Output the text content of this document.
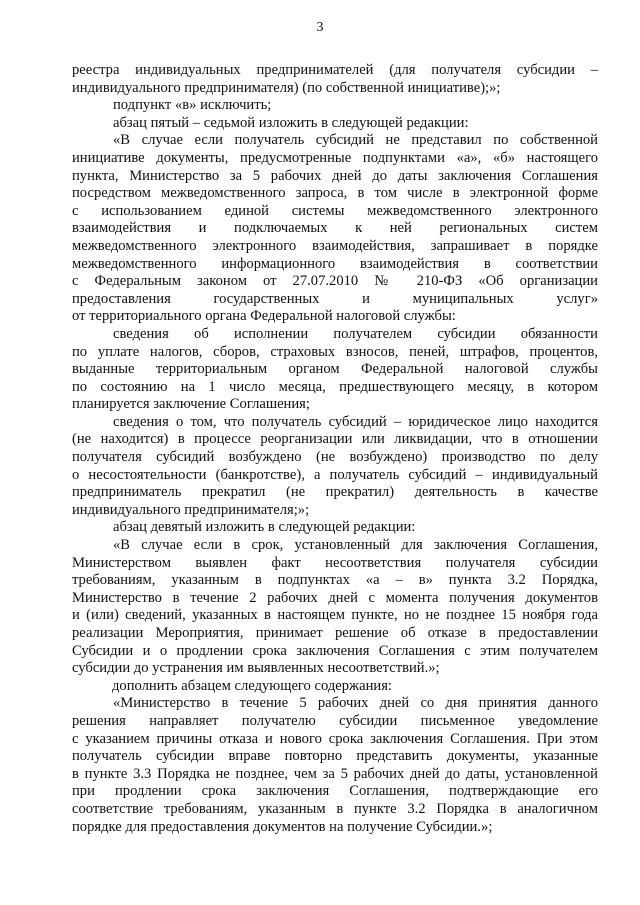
3
реестра индивидуальных предпринимателей (для получателя субсидии –
индивидуального предпринимателя) (по собственной инициативе);»;
подпункт «в» исключить;
абзац пятый – седьмой изложить в следующей редакции:
«В случае если получатель субсидий не представил по собственной
инициативе документы, предусмотренные подпунктами «а», «б» настоящего
пункта, Министерство за 5 рабочих дней до даты заключения Соглашения
посредством межведомственного запроса, в том числе в электронной форме
с использованием единой системы межведомственного электронного
взаимодействия и подключаемых к ней региональных систем
межведомственного электронного взаимодействия, запрашивает в порядке
межведомственного информационного взаимодействия в соответствии
с Федеральным законом от 27.07.2010 № 210-ФЗ «Об организации
предоставления государственных и муниципальных услуг»
от территориального органа Федеральной налоговой службы:
сведения об исполнении получателем субсидии обязанности
по уплате налогов, сборов, страховых взносов, пеней, штрафов, процентов,
выданные территориальным органом Федеральной налоговой службы
по состоянию на 1 число месяца, предшествующего месяцу, в котором
планируется заключение Соглашения;
сведения о том, что получатель субсидий – юридическое лицо находится
(не находится) в процессе реорганизации или ликвидации, что в отношении
получателя субсидий возбуждено (не возбуждено) производство по делу
о несостоятельности (банкротстве), а получатель субсидий – индивидуальный
предприниматель прекратил (не прекратил) деятельность в качестве
индивидуального предпринимателя;»;
абзац девятый изложить в следующей редакции:
«В случае если в срок, установленный для заключения Соглашения,
Министерством выявлен факт несоответствия получателя субсидии
требованиям, указанным в подпунктах «а – в» пункта 3.2 Порядка,
Министерство в течение 2 рабочих дней с момента получения документов
и (или) сведений, указанных в настоящем пункте, но не позднее 15 ноября года
реализации Мероприятия, принимает решение об отказе в предоставлении
Субсидии и о продлении срока заключения Соглашения с этим получателем
субсидии до устранения им выявленных несоответствий.»;
дополнить абзацем следующего содержания:
«Министерство в течение 5 рабочих дней со дня принятия данного
решения направляет получателю субсидии письменное уведомление
с указанием причины отказа и нового срока заключения Соглашения. При этом
получатель субсидии вправе повторно представить документы, указанные
в пункте 3.3 Порядка не позднее, чем за 5 рабочих дней до даты, установленной
при продлении срока заключения Соглашения, подтверждающие его
соответствие требованиям, указанным в пункте 3.2 Порядка в аналогичном
порядке для предоставления документов на получение Субсидии.»;
